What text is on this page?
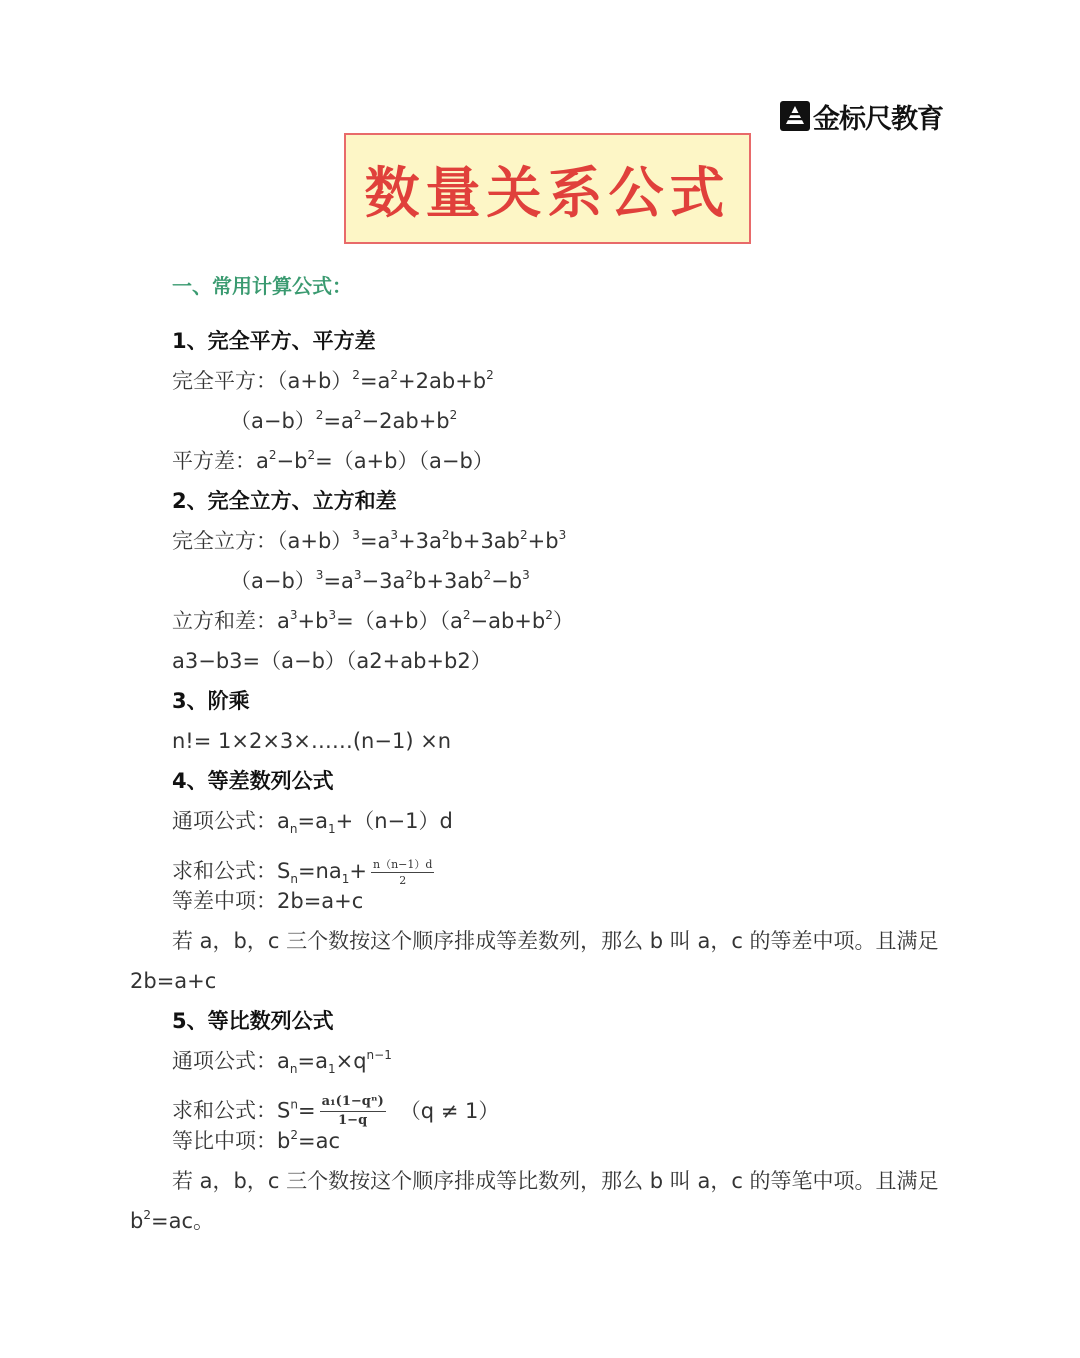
金标尺教育
数量关系公式
一、常用计算公式：
1、完全平方、平方差
完全平方：$(a+b)^2=a^2+2ab+b^2$
$(a-b)^2=a^2-2ab+b^2$
平方差：$a^2-b^2=(a+b)(a-b)$
2、完全立方、立方和差
完全立方：$(a+b)^3=a^3+3a^2b+3ab^2+b^3$
$(a-b)^3=a^3-3a^2b+3ab^2-b^3$
立方和差：$a^3+b^3=(a+b)(a^2-ab+b^2)$
a3−b3=（a−b）（a2+ab+b2）
3、阶乘
n!= 1×2×3×……(n−1) ×n
4、等差数列公式
通项公式：$a_n=a_1+(n-1)d$
求和公式：$S_n=na_1+ \frac{n(n-1)d}{2}$
等差中项：2b=a+c
若 a，b，c 三个数按这个顺序排成等差数列，那么 b 叫 a，c 的等差中项。且满足
2b=a+c
5、等比数列公式
通项公式：$a_n=a_1\times q^{n-1}$
求和公式：$S^n= \frac{\text{a₁(1−qⁿ)}}{1-q} (q \ne 1)$
等比中项：$b^2=ac$
若 a，b，c 三个数按这个顺序排成等比数列，那么 b 叫 a，c 的等笔中项。且满足
$b^2=ac$。
